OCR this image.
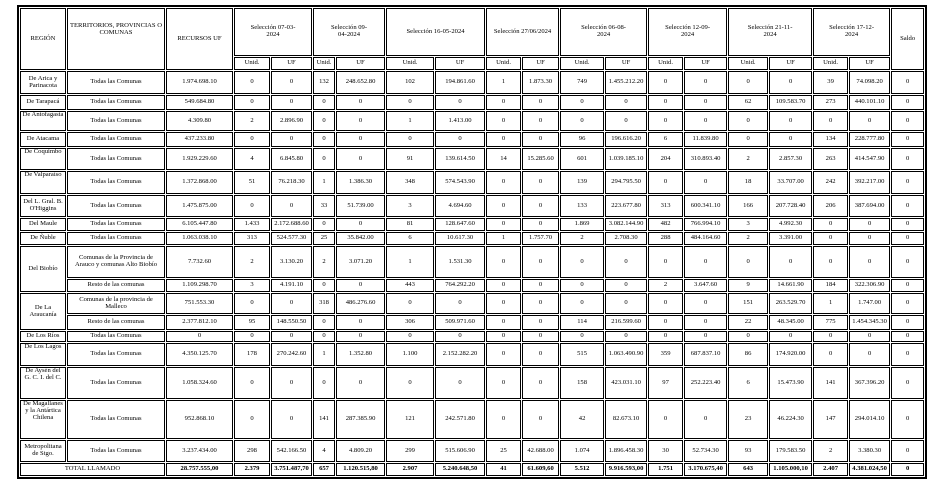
REGIÓN	TERRITORIOS, PROVINCIAS O COMUNAS	RECURSOS UF	Selección 07-03-2024		Selección 09-04-2024		Selección 16-05-2024		Selección 27/06/2024		Selección 06-08-2024		Selección 12-09-2024		Selección 21-11-2024		Selección 17-12-2024		Saldo
			Unid.	UF	Unid.	UF	Unid.	UF	Unid.	UF	Unid.	UF	Unid.	UF	Unid.	UF	Unid.	UF	
De Arica y Parinacota	Todas las Comunas	1.974.698.10	0	0	132	248.652.80	102	194.861.60	1	1.873.30	749	1.455.212.20	0	0	0	0	39	74.098.20	0
De Tarapacá	Todas las Comunas	549.684.80	0	0	0	0	0	0	0	0	0	0	0	0	62	109.583.70	273	440.101.10	0
De Antofagasta	Todas las Comunas	4.309.80	2	2.896.90	0	0	1	1.413.00	0	0	0	0	0	0	0	0	0	0	0
De Atacama	Todas las Comunas	437.233.80	0	0	0	0	0	0	0	0	96	196.616.20	6	11.839.80	0	0	134	228.777.80	0
De Coquimbo	Todas las Comunas	1.929.229.60	4	6.845.80	0	0	91	139.614.50	14	15.285.60	601	1.039.185.10	204	310.893.40	2	2.857.30	263	414.547.90	0
De Valparaíso	Todas las Comunas	1.372.868.00	51	76.218.30	1	1.386.30	348	574.543.90	0	0	139	294.795.50	0	0	18	33.707.00	242	392.217.00	0
Del L. Gral. B. O'Higgins	Todas las Comunas	1.475.875.00	0	0	33	51.739.00	3	4.694.60	0	0	133	223.677.80	313	600.341.10	166	207.728.40	206	387.694.00	0
Del Maule	Todas las Comunas	6.105.447.80	1.433	2.172.688.60	0	0	81	128.647.60	0	0	1.869	3.082.144.90	482	766.994.10	3	4.992.30	0	0	0
De Ñuble	Todas las Comunas	1.063.038.10	313	524.577.30	25	35.842.00	6	10.617.30	1	1.757.70	2	2.708.30	288	484.164.60	2	3.391.00	0	0	0
Del Biobío	Comunas de la Provincia de Arauco y comunas Alto Biobío	7.732.60	2	3.130.20	2	3.071.20	1	1.531.30	0	0	0	0	0	0	0	0	0	0	0
	Resto de las comunas	1.109.298.70	3	4.191.10	0	0	443	764.292.20	0	0	0	0	2	3.647.60	9	14.661.90	184	322.306.90	0
De La Araucanía	Comunas de la provincia de Malleco	751.553.30	0	0	318	486.276.60	0	0	0	0	0	0	0	0	151	263.529.70	1	1.747.00	0
	Resto de las comunas	2.377.812.10	95	148.550.50	0	0	306	509.971.60	0	0	114	216.599.60	0	0	22	48.345.00	775	1.454.345.30	0
De Los Ríos	Todas las Comunas	0	0	0	0	0	0	0	0	0	0	0	0	0	0	0	0	0	0
De Los Lagos	Todas las Comunas	4.350.125.70	178	270.242.60	1	1.352.80	1.100	2.152.282.20	0	0	515	1.063.490.90	359	687.837.10	86	174.920.00	0	0	0
De Aysén del G. C. I. del C.	Todas las Comunas	1.058.324.60	0	0	0	0	0	0	0	0	158	423.031.10	97	252.223.40	6	15.473.90	141	367.396.20	0
De Magallanes y la Antártica Chilena	Todas las Comunas	952.868.10	0	0	141	287.385.90	121	242.571.80	0	0	42	82.673.10	0	0	23	46.224.30	147	294.014.10	0
Metropolitana de Stgo.	Todas las Comunas	3.237.434.00	298	542.166.50	4	4.809.20	299	515.606.90	25	42.688.00	1.074	1.896.458.30	30	52.734.30	93	179.583.50	2	3.380.30	0
TOTAL LLAMADO		28.757.555,00	2.379	3.751.487,70	657	1.120.515,80	2.907	5.240.648,50	41	61.609,60	5.512	9.916.593,00	1.751	3.170.675,40	643	1.105.000,10	2.407	4.381.024,50	0
